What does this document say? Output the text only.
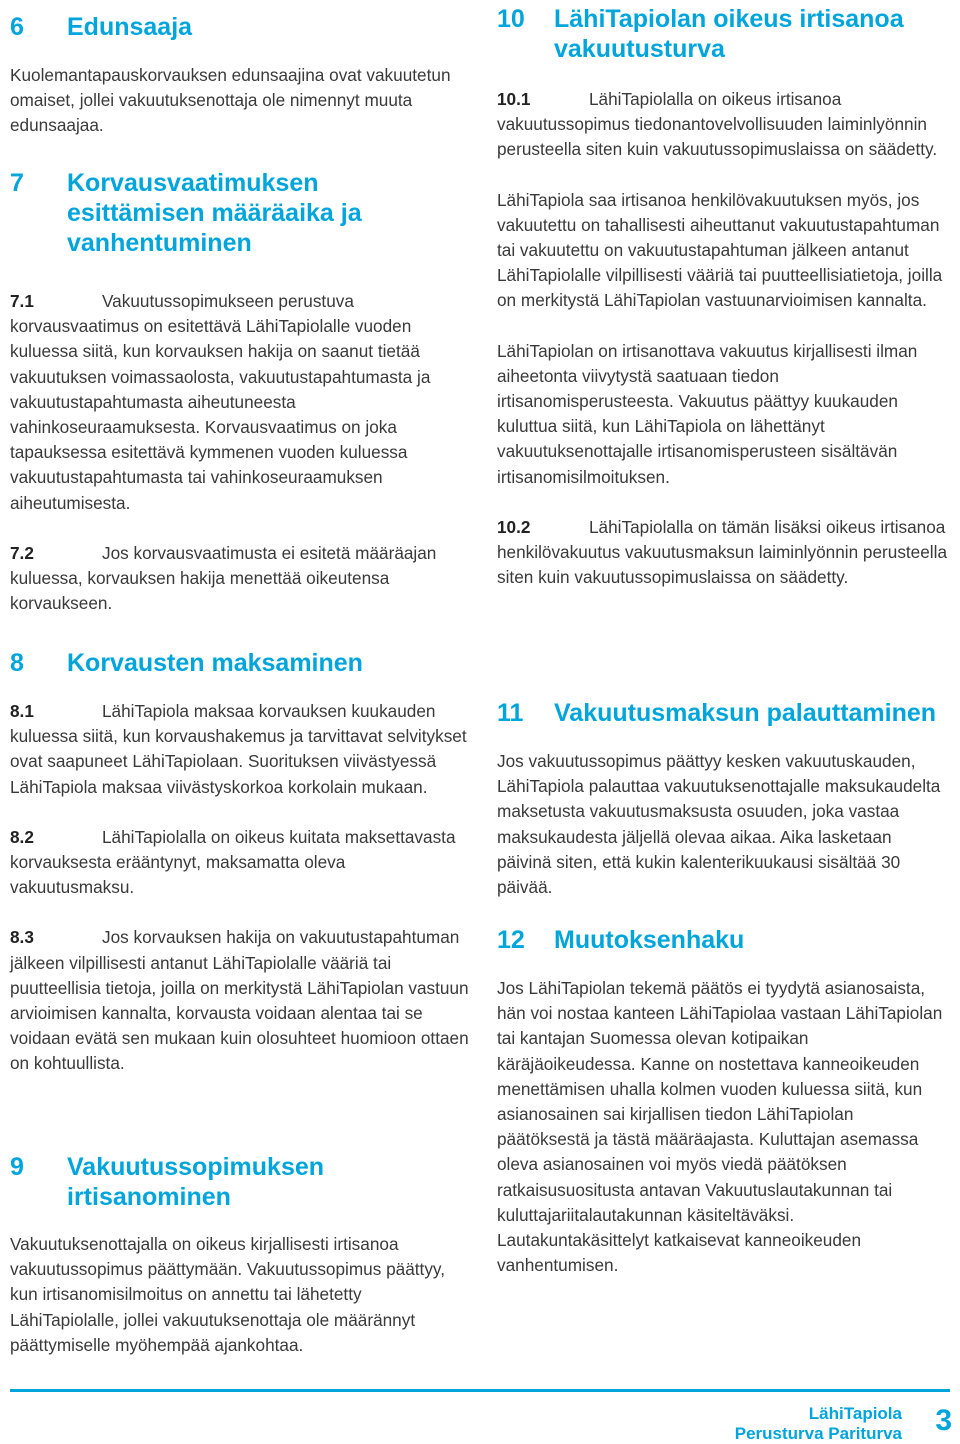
6	Edunsaaja

Kuolemantapauskorvauksen edunsaajina ovat vakuutetun omaiset, jollei vakuutuksenottaja ole nimennyt muuta edunsaajaa.

7	Korvausvaatimuksen esittämisen määräaika ja vanhentuminen

7.1	Vakuutussopimukseen perustuva korvausvaatimus on esitettävä LähiTapiolalle vuoden kuluessa siitä, kun korvauksen hakija on saanut tietää vakuutuksen voimassaolosta, vakuutustapahtumasta ja vakuutustapahtumasta aiheutuneesta vahinkoseuraamuksesta. Korvausvaatimus on joka tapauksessa esitettävä kymmenen vuoden kuluessa vakuutustapahtumasta tai vahinkoseuraamuksen aiheutumisesta.

7.2	Jos korvausvaatimusta ei esitetä määräajan kuluessa, korvauksen hakija menettää oikeutensa korvaukseen.

8	Korvausten maksaminen

8.1	LähiTapiola maksaa korvauksen kuukauden kuluessa siitä, kun korvaushakemus ja tarvittavat selvitykset ovat saapuneet LähiTapiolaan. Suorituksen viivästyessä LähiTapiola maksaa viivästyskorkoa korkolain mukaan.

8.2	LähiTapiolalla on oikeus kuitata maksettavasta korvauksesta erääntynyt, maksamatta oleva vakuutusmaksu.

8.3	Jos korvauksen hakija on vakuutustapahtuman jälkeen vilpillisesti antanut LähiTapiolalle vääriä tai puutteellisia tietoja, joilla on merkitystä LähiTapiolan vastuun arvioimisen kannalta, korvausta voidaan alentaa tai se voidaan evätä sen mukaan kuin olosuhteet huomioon ottaen on kohtuullista.

9	Vakuutussopimuksen irtisanominen

Vakuutuksenottajalla on oikeus kirjallisesti irtisanoa vakuutussopimus päättymään. Vakuutussopimus päättyy, kun irtisanomisilmoitus on annettu tai lähetetty LähiTapiolalle, jollei vakuutuksenottaja ole määrännyt päättymiselle myöhempää ajankohtaa.

10	LähiTapiolan oikeus irtisanoa vakuutusturva

10.1	LähiTapiolalla on oikeus irtisanoa vakuutussopimus tiedonantovelvollisuuden laiminlyönnin perusteella siten kuin vakuutussopimuslaissa on säädetty.

LähiTapiola saa irtisanoa henkilövakuutuksen myös, jos vakuutettu on tahallisesti aiheuttanut vakuutustapahtuman tai vakuutettu on vakuutustapahtuman jälkeen antanut LähiTapiolalle vilpillisesti vääriä tai puutteellisiatietoja, joilla on merkitystä LähiTapiolan vastuunarvioimisen kannalta.

LähiTapiolan on irtisanottava vakuutus kirjallisesti ilman aiheetonta viivytystä saatuaan tiedon irtisanomisperusteesta. Vakuutus päättyy kuukauden kuluttua siitä, kun LähiTapiola on lähettänyt vakuutuksenottajalle irtisanomisperusteen sisältävän irtisanomisilmoituksen.

10.2	LähiTapiolalla on tämän lisäksi oikeus irtisanoa henkilövakuutus vakuutusmaksun laiminlyönnin perusteella siten kuin vakuutussopimuslaissa on säädetty.

11	Vakuutusmaksun palauttaminen

Jos vakuutussopimus päättyy kesken vakuutuskauden, LähiTapiola palauttaa vakuutuksenottajalle maksukaudelta maksetusta vakuutusmaksusta osuuden, joka vastaa maksukaudesta jäljellä olevaa aikaa. Aika lasketaan päivinä siten, että kukin kalenterikuukausi sisältää 30 päivää.

12	Muutoksenhaku

Jos LähiTapiolan tekemä päätös ei tyydytä asianosaista, hän voi nostaa kanteen LähiTapiolaa vastaan LähiTapiolan tai kantajan Suomessa olevan kotipaikan käräjäoikeudessa. Kanne on nostettava kanneoikeuden menettämisen uhalla kolmen vuoden kuluessa siitä, kun asianosainen sai kirjallisen tiedon LähiTapiolan päätöksestä ja tästä määräajasta. Kuluttajan asemassa oleva asianosainen voi myös viedä päätöksen ratkaisusuositusta antavan Vakuutuslautakunnan tai kuluttajariitalautakunnan käsiteltäväksi. Lautakuntakäsittelyt katkaisevat kanneoikeuden vanhentumisen.

LähiTapiola
Perusturva Pariturva 3
